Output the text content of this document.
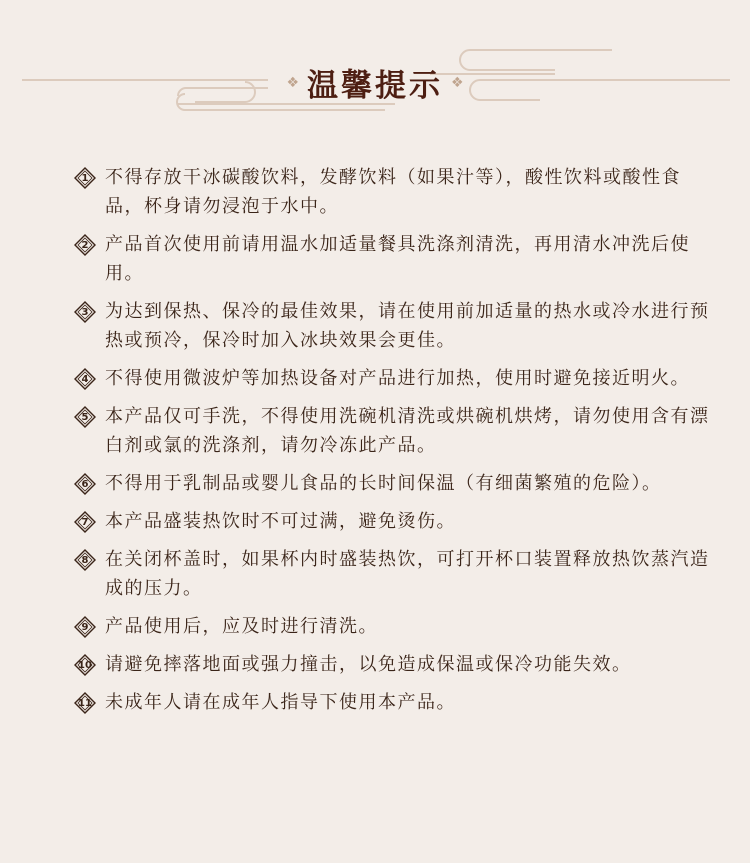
❖ 温馨提示 ❖
1 不得存放干冰碳酸饮料，发酵饮料（如果汁等），酸性饮料或酸性食品，杯身请勿浸泡于水中。
2 产品首次使用前请用温水加适量餐具洗涤剂清洗，再用清水冲洗后使用。
3 为达到保热、保冷的最佳效果，请在使用前加适量的热水或冷水进行预热或预冷，保冷时加入冰块效果会更佳。
4 不得使用微波炉等加热设备对产品进行加热，使用时避免接近明火。
5 本产品仅可手洗，不得使用洗碗机清洗或烘碗机烘烤，请勿使用含有漂白剂或氯的洗涤剂，请勿冷冻此产品。
6 不得用于乳制品或婴儿食品的长时间保温（有细菌繁殖的危险）。
7 本产品盛装热饮时不可过满，避免烫伤。
8 在关闭杯盖时，如果杯内时盛装热饮，可打开杯口装置释放热饮蒸汽造成的压力。
9 产品使用后，应及时进行清洗。
10 请避免摔落地面或强力撞击，以免造成保温或保冷功能失效。
11 未成年人请在成年人指导下使用本产品。
